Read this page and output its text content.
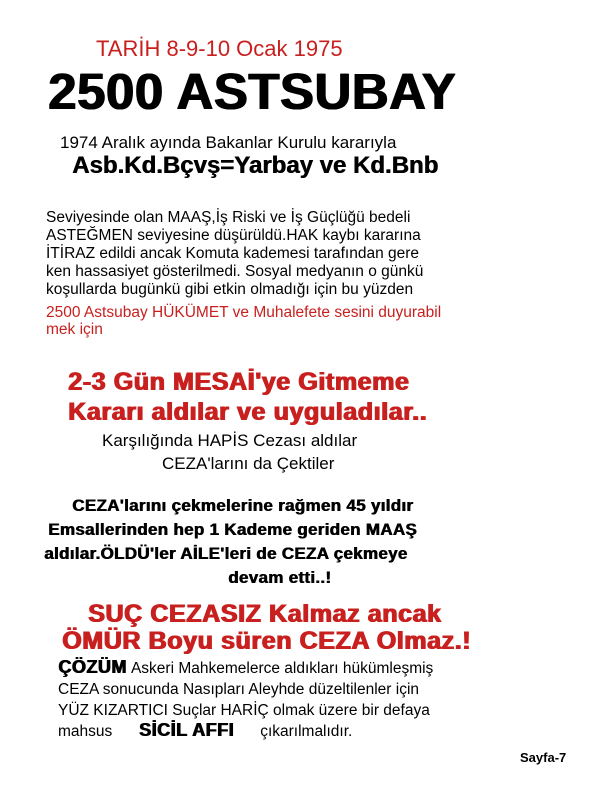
TARİH 8-9-10 Ocak 1975
2500 ASTSUBAY
1974 Aralık ayında Bakanlar Kurulu kararıyla
Asb.Kd.Bçvş=Yarbay ve Kd.Bnb
Seviyesinde olan MAAŞ,İş Riski ve İş Güçlüğü bedeli
ASTEĞMEN seviyesine düşürüldü.HAK kaybı kararına
İTİRAZ edildi ancak Komuta kademesi tarafından gere
ken hassasiyet gösterilmedi. Sosyal medyanın o günkü
koşullarda bugünkü gibi etkin olmadığı için bu yüzden
2500 Astsubay HÜKÜMET ve Muhalefete sesini duyurabil
mek için
2-3 Gün MESAİ'ye Gitmeme
Kararı aldılar ve uyguladılar..
Karşılığında HAPİS Cezası aldılar
CEZA'larını da Çektiler
CEZA'larını çekmelerine rağmen 45 yıldır
Emsallerinden hep 1 Kademe geriden MAAŞ
aldılar.ÖLDÜ'ler AİLE'leri de CEZA çekmeye
devam etti..!
SUÇ CEZASIZ Kalmaz ancak
ÖMÜR Boyu süren CEZA Olmaz.!
ÇÖZÜM Askeri Mahkemelerce aldıkları hükümleşmiş
CEZA sonucunda Nasıpları Aleyhde düzeltilenler için
YÜZ KIZARTICI Suçlar HARİÇ olmak üzere bir defaya
mahsus SİCİL AFFI çıkarılmalıdır.
Sayfa-7
